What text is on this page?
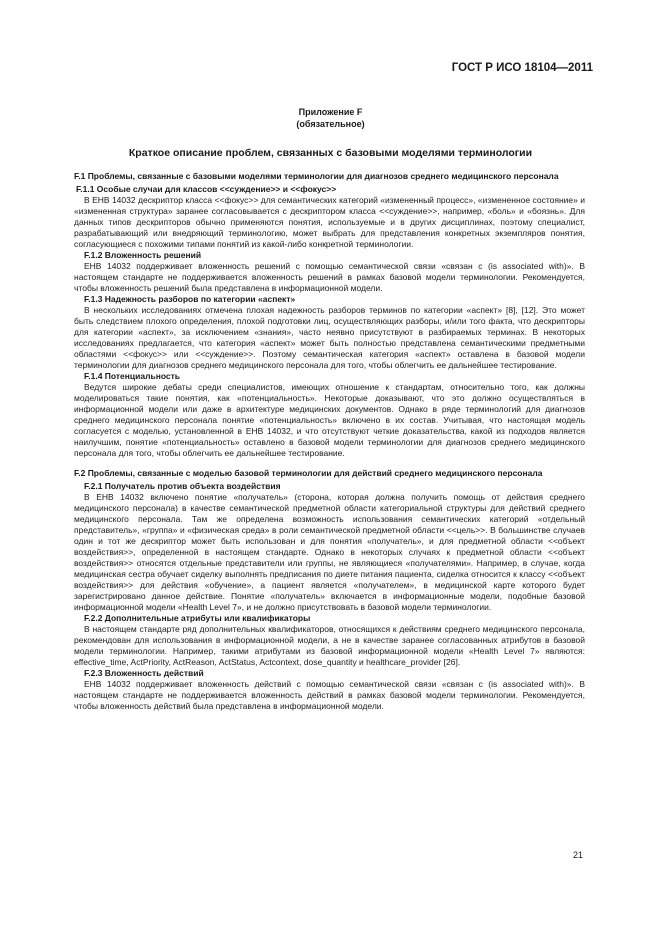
ГОСТ Р ИСО 18104—2011
Приложение F
(обязательное)
Краткое описание проблем, связанных с базовыми моделями терминологии
F.1 Проблемы, связанные с базовыми моделями терминологии для диагнозов среднего медицинского персонала
F.1.1 Особые случаи для классов <<суждение>> и <<фокус>>

В ЕНВ 14032 дескриптор класса <<фокус>> для семантических категорий «измененный процесс», «измененное состояние» и «измененная структура» заранее согласовывается с дескриптором класса <<суждение>>, например, «боль» и «боязнь». Для данных типов дескрипторов обычно применяются понятия, используемые и в других дисциплинах, поэтому специалист, разрабатывающий или внедряющий терминологию, может выбрать для представления конкретных экземпляров понятия, согласующиеся с похожими типами понятий из какой-либо конкретной терминологии.

F.1.2 Вложенность решений

ЕНВ 14032 поддерживает вложенность решений с помощью семантической связи «связан с (is associated with)». В настоящем стандарте не поддерживается вложенность решений в рамках базовой модели терминологии. Рекомендуется, чтобы вложенность решений была представлена в информационной модели.

F.1.3 Надежность разборов по категории «аспект»

В нескольких исследованиях отмечена плохая надежность разборов терминов по категории «аспект» [8], [12]. Это может быть следствием плохого определения, плохой подготовки лиц, осуществляющих разборы, и/или того факта, что дескрипторы для категории «аспект», за исключением «знания», часто неявно присутствуют в разбираемых терминах. В некоторых исследованиях предлагается, что категория «аспект» может быть полностью представлена семантическими предметными областями <<фокус>> или <<суждение>>. Поэтому семантическая категория «аспект» оставлена в базовой модели терминологии для диагнозов среднего медицинского персонала для того, чтобы облегчить ее дальнейшее тестирование.

F.1.4 Потенциальность

Ведутся широкие дебаты среди специалистов, имеющих отношение к стандартам, относительно того, как должны моделироваться такие понятия, как «потенциальность». Некоторые доказывают, что это должно осуществляться в информационной модели или даже в архитектуре медицинских документов. Однако в ряде терминологий для диагнозов среднего медицинского персонала понятие «потенциальность» включено в их состав. Учитывая, что настоящая модель согласуется с моделью, установленной в ЕНВ 14032, и что отсутствуют четкие доказательства, какой из подходов является наилучшим, понятие «потенциальность» оставлено в базовой модели терминологии для диагнозов среднего медицинского персонала для того, чтобы облегчить ее дальнейшее тестирование.

F.2 Проблемы, связанные с моделью базовой терминологии для действий среднего медицинского персонала
F.2.1 Получатель против объекта воздействия

В ЕНВ 14032 включено понятие «получатель» (сторона, которая должна получить помощь от действия среднего медицинского персонала) в качестве семантической предметной области категориальной структуры для действий среднего медицинского персонала. Там же определена возможность использования семантических категорий «отдельный представитель», «группа» и «физическая среда» в роли семантической предметной области <<цель>>. В большинстве случаев один и тот же дескриптор может быть использован и для понятия «получатель», и для предметной области <<объект воздействия>>, определенной в настоящем стандарте. Однако в некоторых случаях к предметной области <<объект воздействия>> относятся отдельные представители или группы, не являющиеся «получателями». Например, в случае, когда медицинская сестра обучает сиделку выполнять предписания по диете питания пациента, сиделка относится к классу <<объект воздействия>> для действия «обучение», а пациент является «получателем», в медицинской карте которого будет зарегистрировано данное действие. Понятие «получатель» включается в информационные модели, подобные базовой информационной модели «Health Level 7», и не должно присутствовать в базовой модели терминологии.

F.2.2 Дополнительные атрибуты или квалификаторы

В настоящем стандарте ряд дополнительных квалификаторов, относящихся к действиям среднего медицинского персонала, рекомендован для использования в информационной модели, а не в качестве заранее согласованных атрибутов в базовой модели терминологии. Например, такими атрибутами из базовой информационной модели «Health Level 7» являются: effective_time, ActPriority, ActReason, ActStatus, Actcontext, dose_quantity и healthcare_provider [26].

F.2.3 Вложенность действий

ЕНВ 14032 поддерживает вложенность действий с помощью семантической связи «связан с (is associated with)». В настоящем стандарте не поддерживается вложенность действий в рамках базовой модели терминологии. Рекомендуется, чтобы вложенность действий была представлена в информационной модели.

21
